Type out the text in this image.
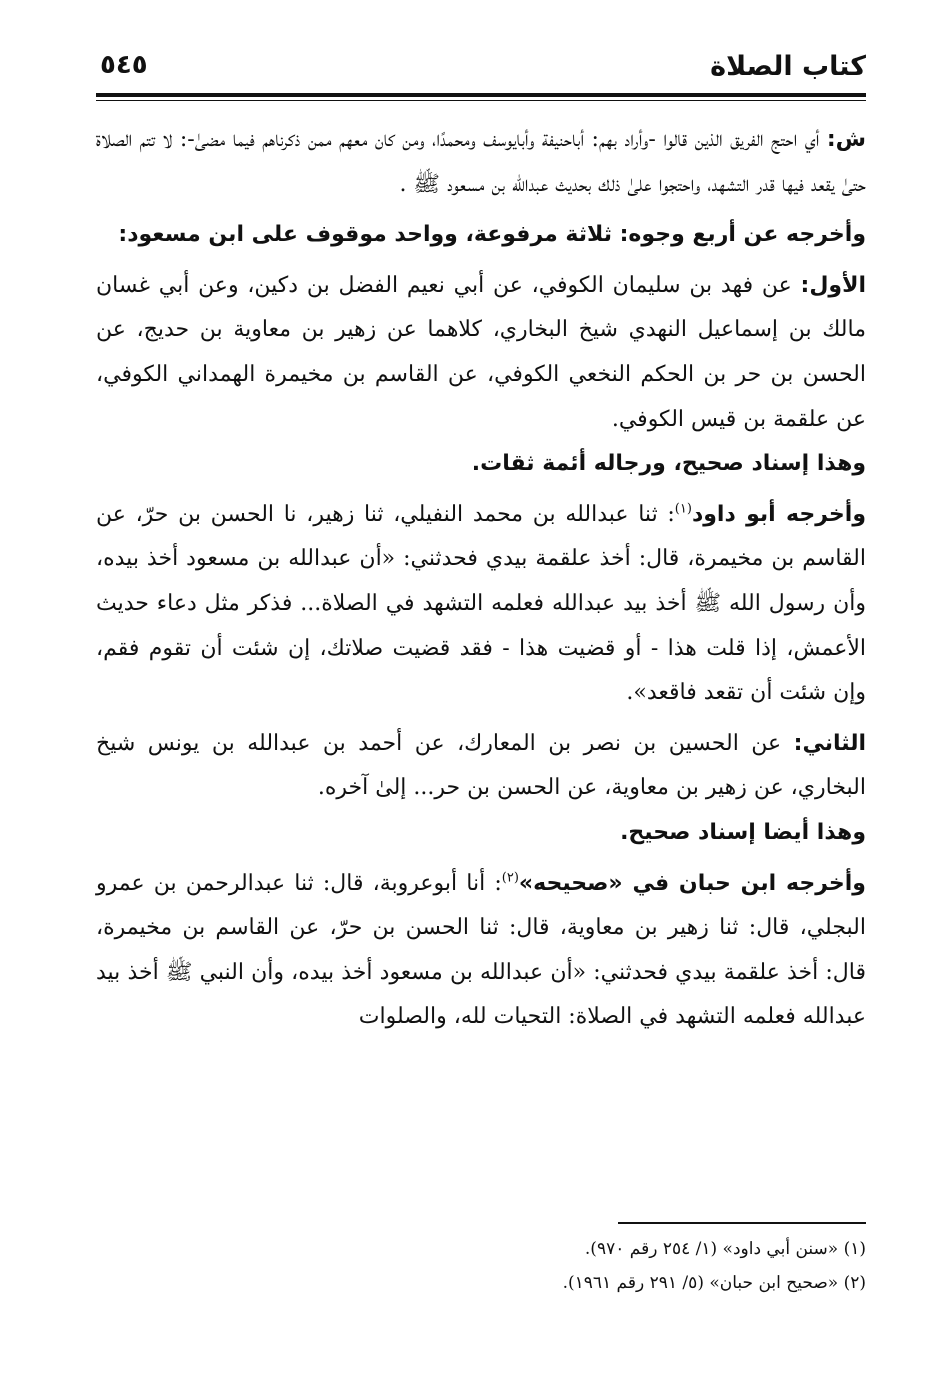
كتاب الصلاة
٥٤٥

ش: أي احتج الفريق الذين قالوا -وأراد بهم: أباحنيفة وأبايوسف ومحمدًا، ومن كان معهم ممن ذكرناهم فيما مضىٰ-: لا تتم الصلاة حتىٰ يقعد فيها قدر التشهد، واحتجوا علىٰ ذلك بحديث عبدالله بن مسعود ﷺ .

وأخرجه عن أربع وجوه: ثلاثة مرفوعة، وواحد موقوف على ابن مسعود:

الأول: عن فهد بن سليمان الكوفي، عن أبي نعيم الفضل بن دكين، وعن أبي غسان مالك بن إسماعيل النهدي شيخ البخاري، كلاهما عن زهير بن معاوية بن حديج، عن الحسن بن حر بن الحكم النخعي الكوفي، عن القاسم بن مخيمرة الهمداني الكوفي، عن علقمة بن قيس الكوفي.

وهذا إسناد صحيح، ورجاله أئمة ثقات.

وأخرجه أبو داود$^{(١)}$: ثنا عبدالله بن محمد النفيلي، ثنا زهير، نا الحسن بن حرّ، عن القاسم بن مخيمرة، قال: أخذ علقمة بيدي فحدثني: «أن عبدالله بن مسعود أخذ بيده، وأن رسول الله ﷺ أخذ بيد عبدالله فعلمه التشهد في الصلاة... فذكر مثل دعاء حديث الأعمش، إذا قلت هذا - أو قضيت هذا - فقد قضيت صلاتك، إن شئت أن تقوم فقم، وإن شئت أن تقعد فاقعد».

الثاني: عن الحسين بن نصر بن المعارك، عن أحمد بن عبدالله بن يونس شيخ البخاري، عن زهير بن معاوية، عن الحسن بن حر... إلىٰ آخره.

وهذا أيضا إسناد صحيح.

وأخرجه ابن حبان في «صحيحه»$^{(٢)}$: أنا أبوعروبة، قال: ثنا عبدالرحمن بن عمرو البجلي، قال: ثنا زهير بن معاوية، قال: ثنا الحسن بن حرّ، عن القاسم بن مخيمرة، قال: أخذ علقمة بيدي فحدثني: «أن عبدالله بن مسعود أخذ بيده، وأن النبي ﷺ أخذ بيد عبدالله فعلمه التشهد في الصلاة: التحيات لله، والصلوات

(١) «سنن أبي داود» (١/ ٢٥٤ رقم ٩٧٠).

(٢) «صحيح ابن حبان» (٥/ ٢٩١ رقم ١٩٦١).
